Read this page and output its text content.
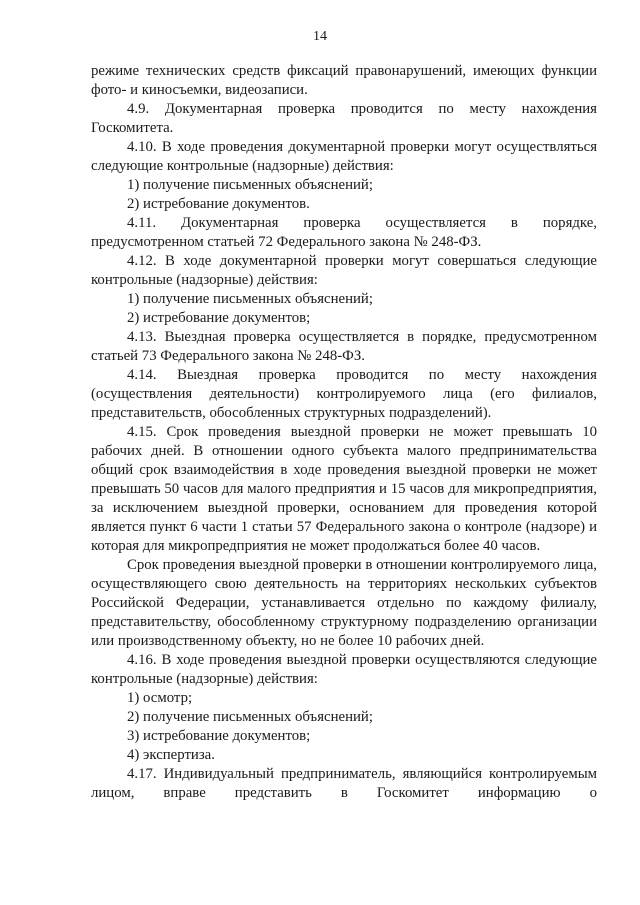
14

режиме технических средств фиксаций правонарушений, имеющих функции фото- и киносъемки, видеозаписи.

4.9. Документарная проверка проводится по месту нахождения Госкомитета.

4.10. В ходе проведения документарной проверки могут осуществляться следующие контрольные (надзорные) действия:

1) получение письменных объяснений;

2) истребование документов.

4.11. Документарная проверка осуществляется в порядке, предусмотренном статьей 72 Федерального закона № 248-ФЗ.

4.12. В ходе документарной проверки могут совершаться следующие контрольные (надзорные) действия:

1) получение письменных объяснений;

2) истребование документов;

4.13. Выездная проверка осуществляется в порядке, предусмотренном статьей 73 Федерального закона № 248-ФЗ.

4.14. Выездная проверка проводится по месту нахождения (осуществления деятельности) контролируемого лица (его филиалов, представительств, обособленных структурных подразделений).

4.15. Срок проведения выездной проверки не может превышать 10 рабочих дней. В отношении одного субъекта малого предпринимательства общий срок взаимодействия в ходе проведения выездной проверки не может превышать 50 часов для малого предприятия и 15 часов для микропредприятия, за исключением выездной проверки, основанием для проведения которой является пункт 6 части 1 статьи 57 Федерального закона о контроле (надзоре) и которая для микропредприятия не может продолжаться более 40 часов.

Срок проведения выездной проверки в отношении контролируемого лица, осуществляющего свою деятельность на территориях нескольких субъектов Российской Федерации, устанавливается отдельно по каждому филиалу, представительству, обособленному структурному подразделению организации или производственному объекту, но не более 10 рабочих дней.

4.16. В ходе проведения выездной проверки осуществляются следующие контрольные (надзорные) действия:

1) осмотр;

2) получение письменных объяснений;

3) истребование документов;

4) экспертиза.

4.17. Индивидуальный предприниматель, являющийся контролируемым лицом, вправе представить в Госкомитет информацию о
